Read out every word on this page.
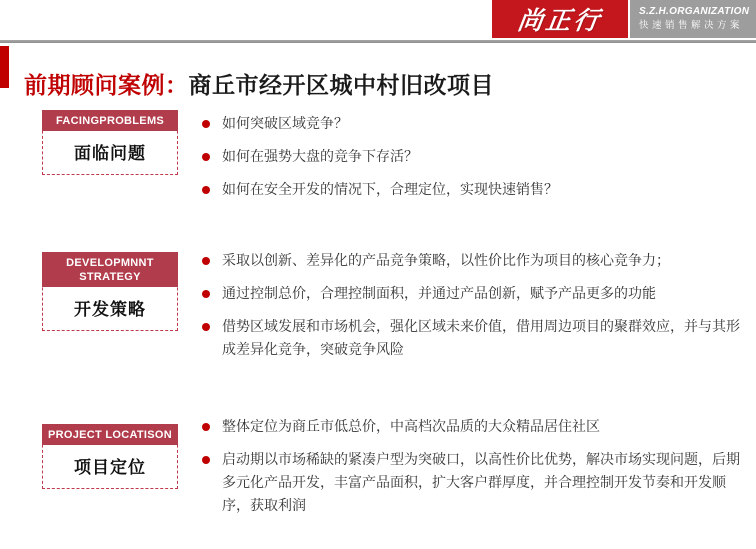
尚正行	S.Z.H.ORGANIZATION
快速销售解决方案
前期顾问案例：商丘市经开区城中村旧改项目
FACINGPROBLEMS
面临问题
如何突破区域竞争？
如何在强势大盘的竞争下存活？
如何在安全开发的情况下，合理定位，实现快速销售？
DEVELOPMNNT STRATEGY
开发策略
采取以创新、差异化的产品竞争策略，以性价比作为项目的核心竞争力；
通过控制总价，合理控制面积，并通过产品创新，赋予产品更多的功能
借势区域发展和市场机会，强化区域未来价值，借用周边项目的聚群效应，并与其形成差异化竞争，突破竞争风险
PROJECT LOCATISON
项目定位
整体定位为商丘市低总价，中高档次品质的大众精品居住社区
启动期以市场稀缺的紧凑户型为突破口，以高性价比优势，解决市场实现问题，后期多元化产品开发，丰富产品面积，扩大客户群厚度，并合理控制开发节奏和开发顺序，获取利润
